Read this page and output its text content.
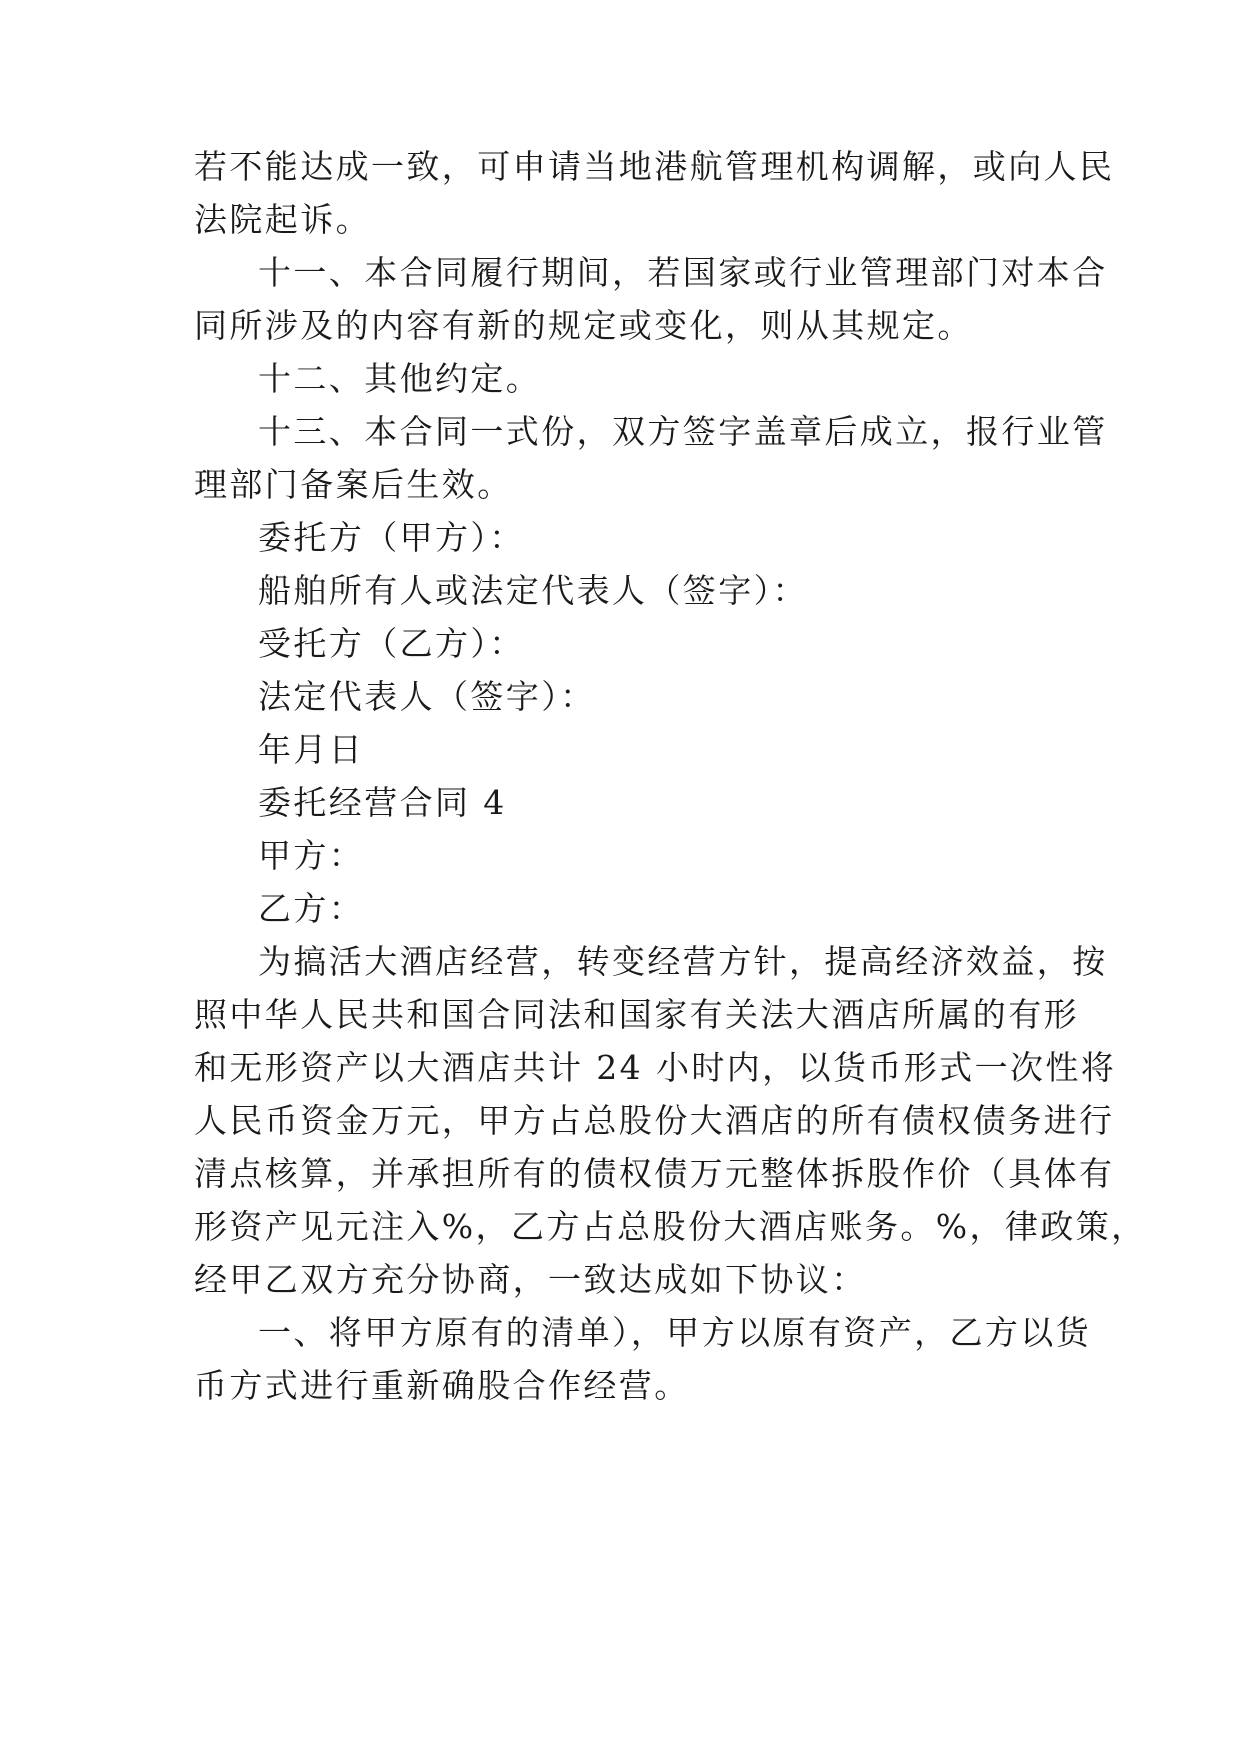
若不能达成一致，可申请当地港航管理机构调解，或向人民
法院起诉。
十一、本合同履行期间，若国家或行业管理部门对本合
同所涉及的内容有新的规定或变化，则从其规定。
十二、其他约定。
十三、本合同一式份，双方签字盖章后成立，报行业管
理部门备案后生效。
委托方（甲方）：
船舶所有人或法定代表人（签字）：
受托方（乙方）：
法定代表人（签字）：
年月日
委托经营合同 4
甲方：
乙方：
为搞活大酒店经营，转变经营方针，提高经济效益，按
照中华人民共和国合同法和国家有关法大酒店所属的有形
和无形资产以大酒店共计 24 小时内，以货币形式一次性将
人民币资金万元，甲方占总股份大酒店的所有债权债务进行
清点核算，并承担所有的债权债万元整体拆股作价（具体有
形资产见元注入%，乙方占总股份大酒店账务。%，律政策，
经甲乙双方充分协商，一致达成如下协议：
一、将甲方原有的清单），甲方以原有资产，乙方以货
币方式进行重新确股合作经营。
